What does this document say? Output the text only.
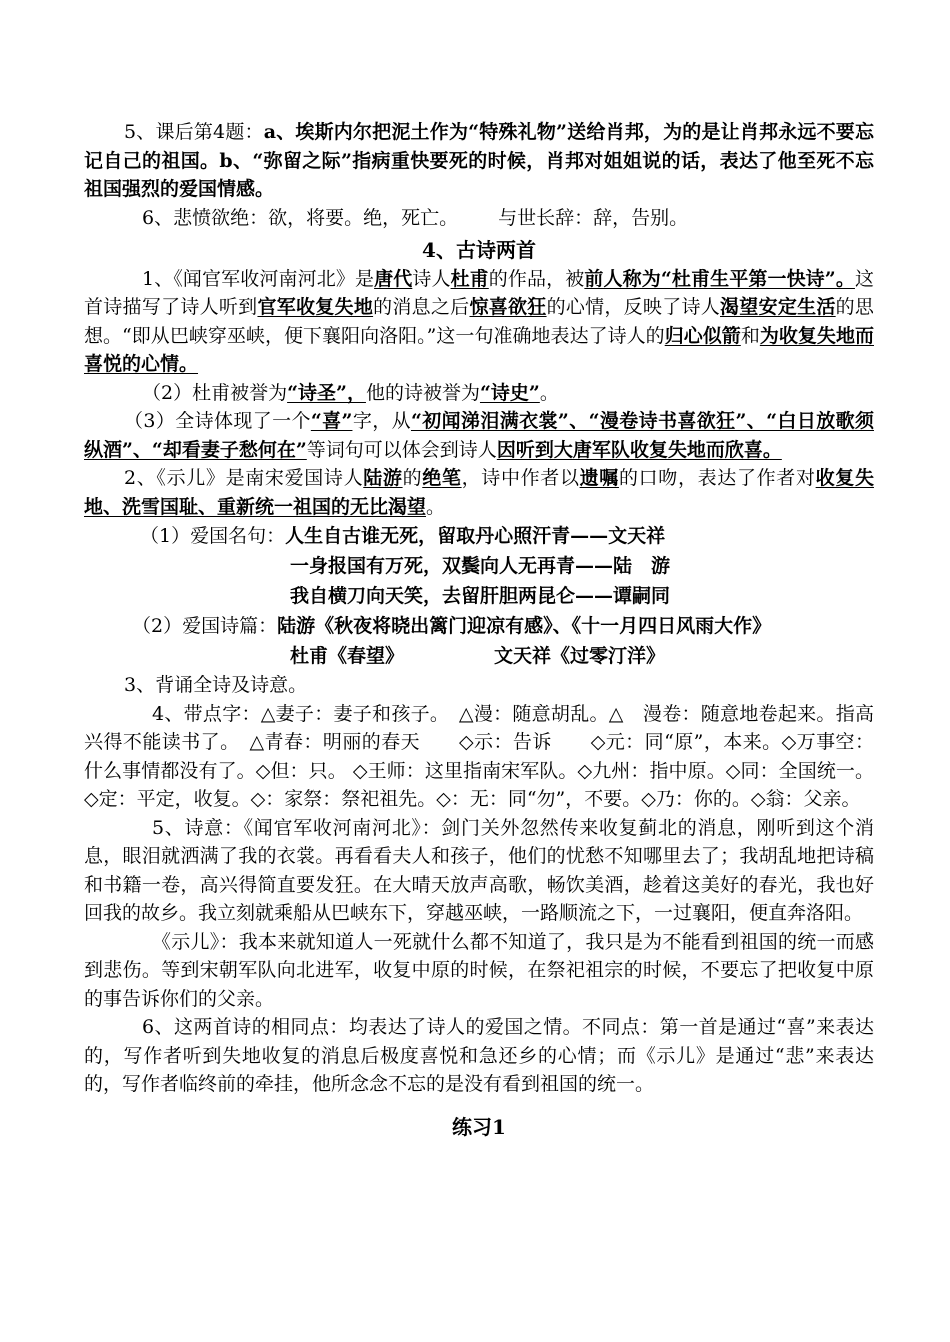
5、课后第4题：a、埃斯内尔把泥土作为“特殊礼物”送给肖邦，为的是让肖邦永远不要忘记自己的祖国。b、“弥留之际”指病重快要死的时候，肖邦对姐姐说的话，表达了他至死不忘祖国强烈的爱国情感。

6、悲愤欲绝：欲，将要。绝，死亡。 与世长辞：辞，告别。

4、古诗两首

1、《闻官军收河南河北》是唐代诗人杜甫的作品，被前人称为“杜甫生平第一快诗”。这首诗描写了诗人听到官军收复失地的消息之后惊喜欲狂的心情，反映了诗人渴望安定生活的思想。“即从巴峡穿巫峡，便下襄阳向洛阳。”这一句准确地表达了诗人的归心似箭和为收复失地而喜悦的心情。

（2）杜甫被誉为“诗圣”，他的诗被誉为“诗史”。

（3）全诗体现了一个“喜”字，从“初闻涕泪满衣裳”、“漫卷诗书喜欲狂”、“白日放歌须纵酒”、“却看妻子愁何在”等词句可以体会到诗人因听到大唐军队收复失地而欣喜。

2、《示儿》是南宋爱国诗人陆游的绝笔，诗中作者以遗嘱的口吻，表达了作者对收复失地、洗雪国耻、重新统一祖国的无比渴望。

（1）爱国名句： 人生自古谁无死，留取丹心照汗青——文天祥
一身报国有万死，双鬓向人无再青——陆　游
我自横刀向天笑，去留肝胆两昆仑——谭嗣同
（2）爱国诗篇： 陆游《秋夜将晓出篱门迎凉有感》、《十一月四日风雨大作》
杜甫《春望》	文天祥《过零汀洋》

3、背诵全诗及诗意。

4、带点字：△妻子：妻子和孩子。　△漫：随意胡乱。△　漫卷：随意地卷起来。指高兴得不能读书了。　△青春：明丽的春天　　◇示：告诉　　◇元：同“原”，本来。◇万事空：什么事情都没有了。◇但：只。 ◇王师：这里指南宋军队。◇九州：指中原。◇同：全国统一。◇定：平定，收复。◇：家祭：祭祀祖先。◇：无：同“勿”，不要。◇乃：你的。◇翁：父亲。

5、诗意：《闻官军收河南河北》：剑门关外忽然传来收复蓟北的消息，刚听到这个消息，眼泪就洒满了我的衣裳。再看看夫人和孩子，他们的忧愁不知哪里去了；我胡乱地把诗稿和书籍一卷，高兴得简直要发狂。在大晴天放声高歌，畅饮美酒，趁着这美好的春光，我也好回我的故乡。我立刻就乘船从巴峡东下，穿越巫峡，一路顺流之下，一过襄阳，便直奔洛阳。

《示儿》：我本来就知道人一死就什么都不知道了，我只是为不能看到祖国的统一而感到悲伤。等到宋朝军队向北进军，收复中原的时候，在祭祀祖宗的时候，不要忘了把收复中原的事告诉你们的父亲。

6、这两首诗的相同点：均表达了诗人的爱国之情。不同点：第一首是通过“喜”来表达的，写作者听到失地收复的消息后极度喜悦和急还乡的心情；而《示儿》是通过“悲”来表达的，写作者临终前的牵挂，他所念念不忘的是没有看到祖国的统一。

练习1
